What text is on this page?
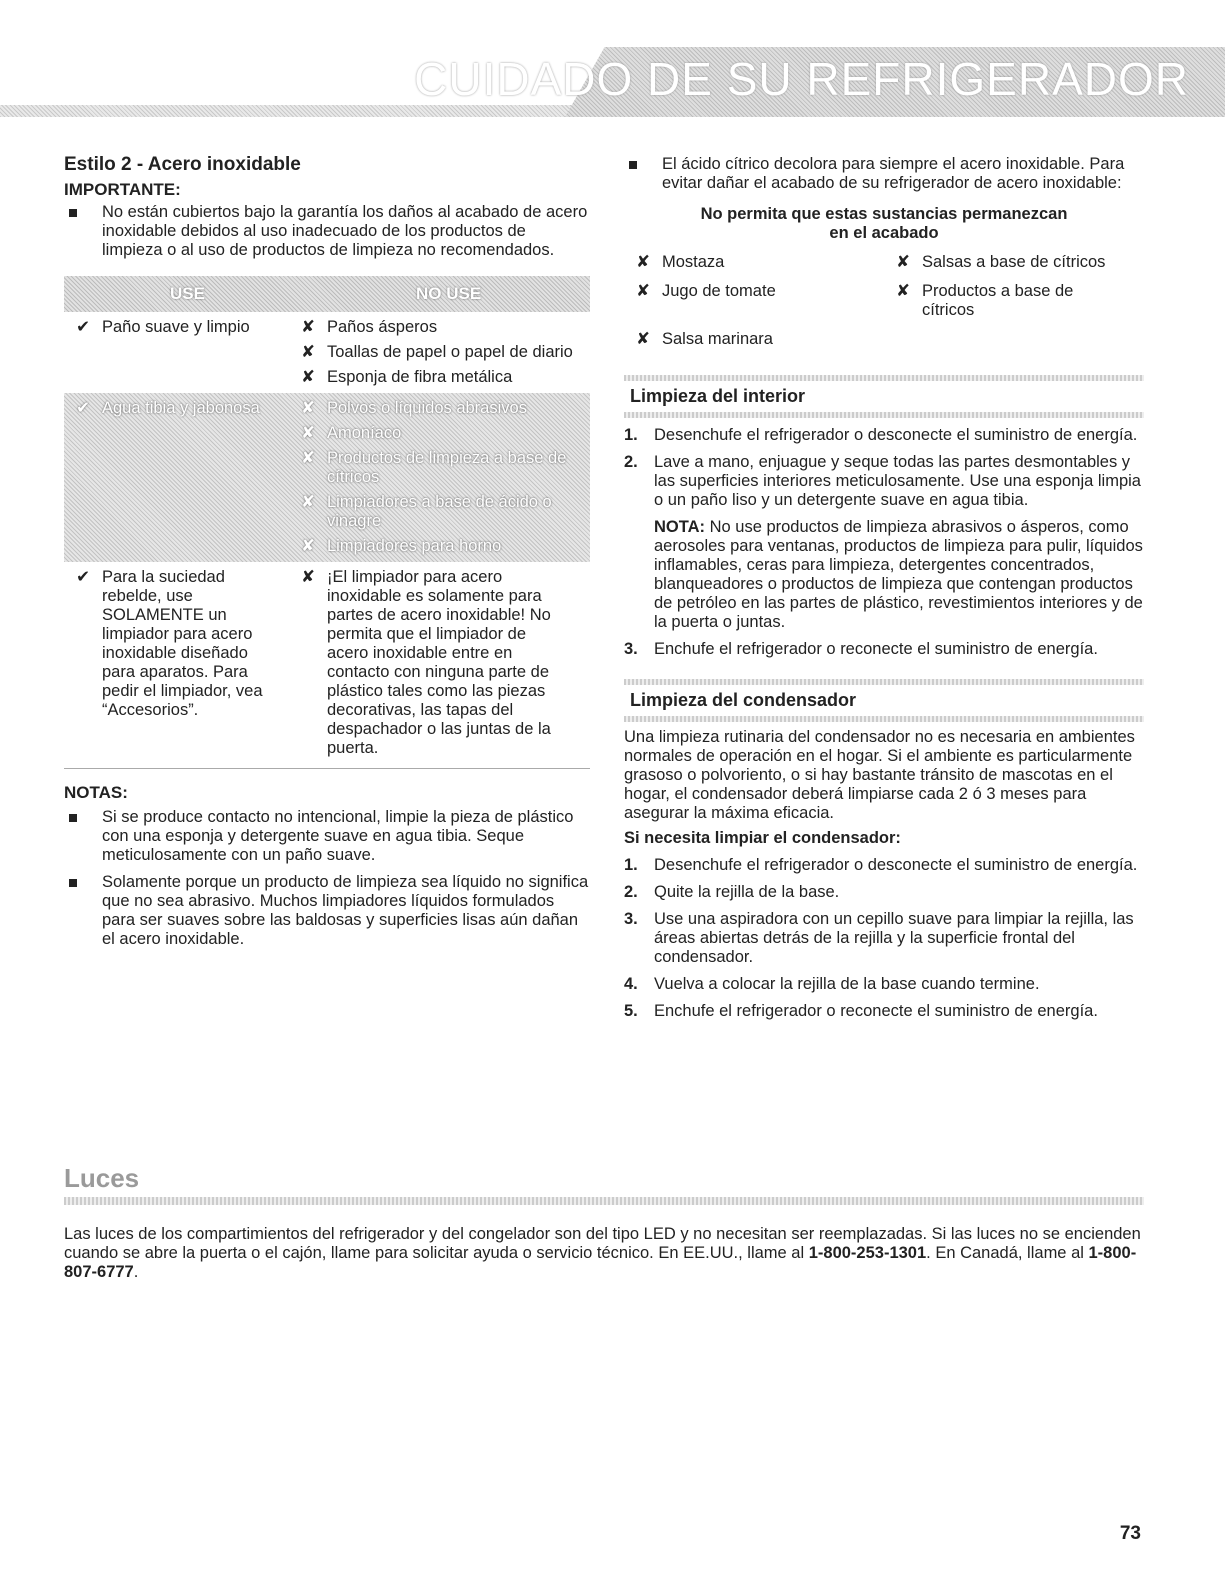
CUIDADO DE SU REFRIGERADOR
Estilo 2 - Acero inoxidable
IMPORTANTE:
No están cubiertos bajo la garantía los daños al acabado de acero inoxidable debidos al uso inadecuado de los productos de limpieza o al uso de productos de limpieza no recomendados.
USE	NO USE
✔ Paño suave y limpio	✘ Paños ásperos
✘ Toallas de papel o papel de diario
✘ Esponja de fibra metálica
✔ Agua tibia y jabonosa	✘ Polvos o líquidos abrasivos
✘ Amoníaco
✘ Productos de limpieza a base de cítricos
✘ Limpiadores a base de ácido o vinagre
✘ Limpiadores para horno
✔ Para la suciedad rebelde, use SOLAMENTE un limpiador para acero inoxidable diseñado para aparatos. Para pedir el limpiador, vea “Accesorios”.
✘ ¡El limpiador para acero inoxidable es solamente para partes de acero inoxidable! No permita que el limpiador de acero inoxidable entre en contacto con ninguna parte de plástico tales como las piezas decorativas, las tapas del despachador o las juntas de la puerta.
NOTAS:
Si se produce contacto no intencional, limpie la pieza de plástico con una esponja y detergente suave en agua tibia. Seque meticulosamente con un paño suave.
Solamente porque un producto de limpieza sea líquido no significa que no sea abrasivo. Muchos limpiadores líquidos formulados para ser suaves sobre las baldosas y superficies lisas aún dañan el acero inoxidable.
El ácido cítrico decolora para siempre el acero inoxidable. Para evitar dañar el acabado de su refrigerador de acero inoxidable:
No permita que estas sustancias permanezcan
en el acabado
✘ Mostaza	✘ Salsas a base de cítricos
✘ Jugo de tomate	✘ Productos a base de cítricos
✘ Salsa marinara
Limpieza del interior
1. Desenchufe el refrigerador o desconecte el suministro de energía.
2. Lave a mano, enjuague y seque todas las partes desmontables y las superficies interiores meticulosamente. Use una esponja limpia o un paño liso y un detergente suave en agua tibia.
NOTA: No use productos de limpieza abrasivos o ásperos, como aerosoles para ventanas, productos de limpieza para pulir, líquidos inflamables, ceras para limpieza, detergentes concentrados, blanqueadores o productos de limpieza que contengan productos de petróleo en las partes de plástico, revestimientos interiores y de la puerta o juntas.
3. Enchufe el refrigerador o reconecte el suministro de energía.
Limpieza del condensador
Una limpieza rutinaria del condensador no es necesaria en ambientes normales de operación en el hogar. Si el ambiente es particularmente grasoso o polvoriento, o si hay bastante tránsito de mascotas en el hogar, el condensador deberá limpiarse cada 2 ó 3 meses para asegurar la máxima eficacia.
Si necesita limpiar el condensador:
1. Desenchufe el refrigerador o desconecte el suministro de energía.
2. Quite la rejilla de la base.
3. Use una aspiradora con un cepillo suave para limpiar la rejilla, las áreas abiertas detrás de la rejilla y la superficie frontal del condensador.
4. Vuelva a colocar la rejilla de la base cuando termine.
5. Enchufe el refrigerador o reconecte el suministro de energía.
Luces
Las luces de los compartimientos del refrigerador y del congelador son del tipo LED y no necesitan ser reemplazadas. Si las luces no se encienden cuando se abre la puerta o el cajón, llame para solicitar ayuda o servicio técnico. En EE.UU., llame al 1-800-253-1301. En Canadá, llame al 1-800-807-6777.
73
